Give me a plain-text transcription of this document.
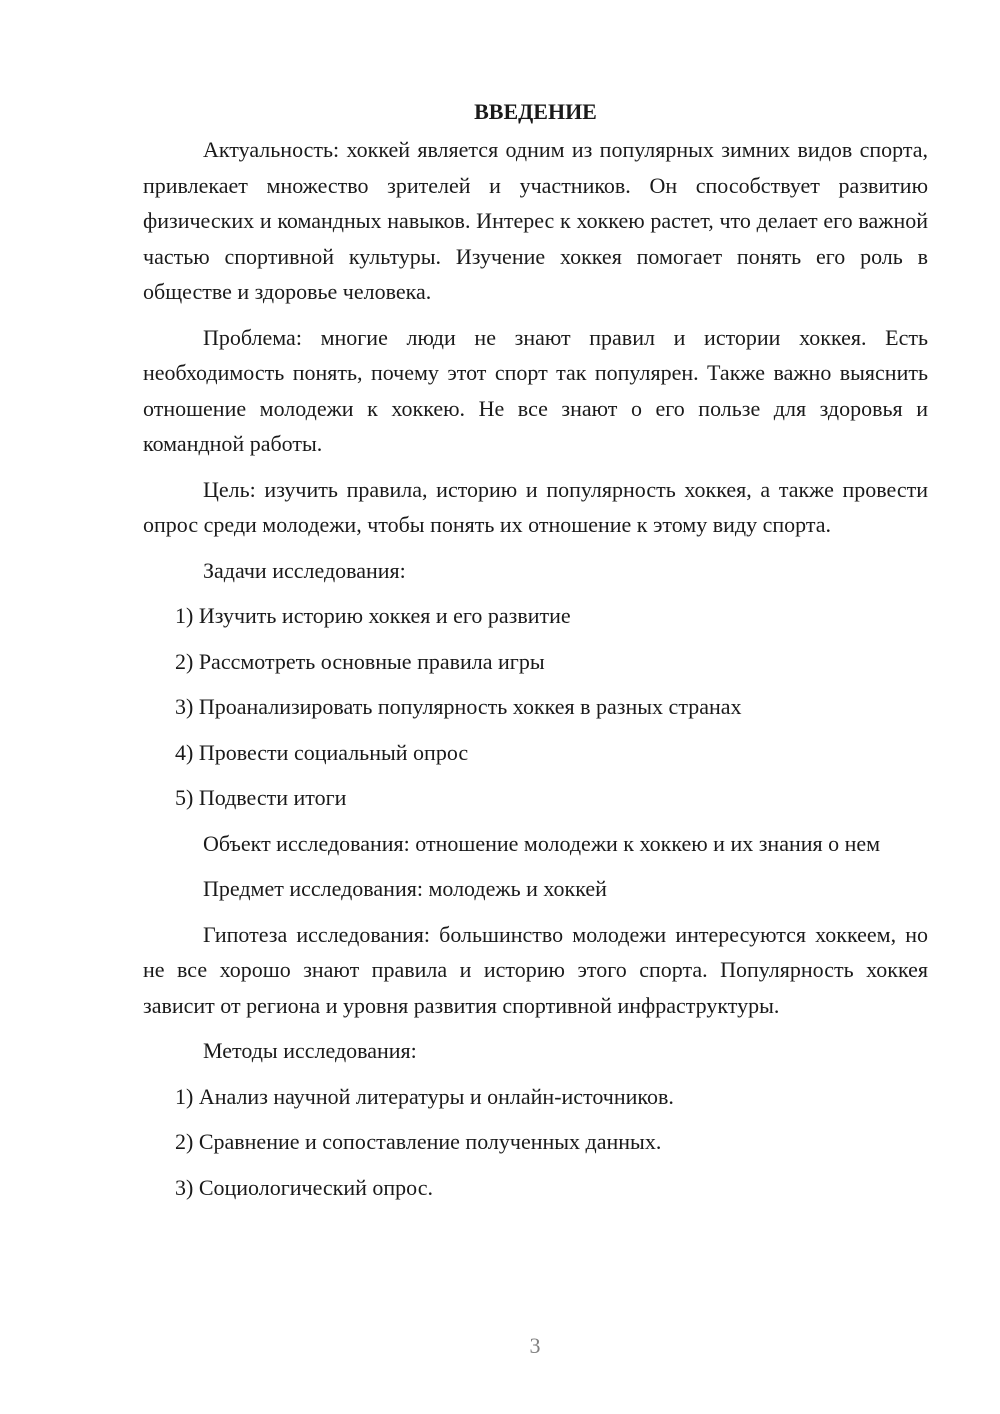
ВВЕДЕНИЕ

Актуальность: хоккей является одним из популярных зимних видов спорта, привлекает множество зрителей и участников. Он способствует развитию физических и командных навыков. Интерес к хоккею растет, что делает его важной частью спортивной культуры. Изучение хоккея помогает понять его роль в обществе и здоровье человека.

Проблема: многие люди не знают правил и истории хоккея. Есть необходимость понять, почему этот спорт так популярен. Также важно выяснить отношение молодежи к хоккею. Не все знают о его пользе для здоровья и командной работы.

Цель: изучить правила, историю и популярность хоккея, а также провести опрос среди молодежи, чтобы понять их отношение к этому виду спорта.

Задачи исследования:

1) Изучить историю хоккея и его развитие
2) Рассмотреть основные правила игры
3) Проанализировать популярность хоккея в разных странах
4) Провести социальный опрос
5) Подвести итоги

Объект исследования: отношение молодежи к хоккею и их знания о нем

Предмет исследования: молодежь и хоккей

Гипотеза исследования: большинство молодежи интересуются хоккеем, но не все хорошо знают правила и историю этого спорта. Популярность хоккея зависит от региона и уровня развития спортивной инфраструктуры.

Методы исследования:

1) Анализ научной литературы и онлайн-источников.
2) Сравнение и сопоставление полученных данных.
3) Социологический опрос.
3
